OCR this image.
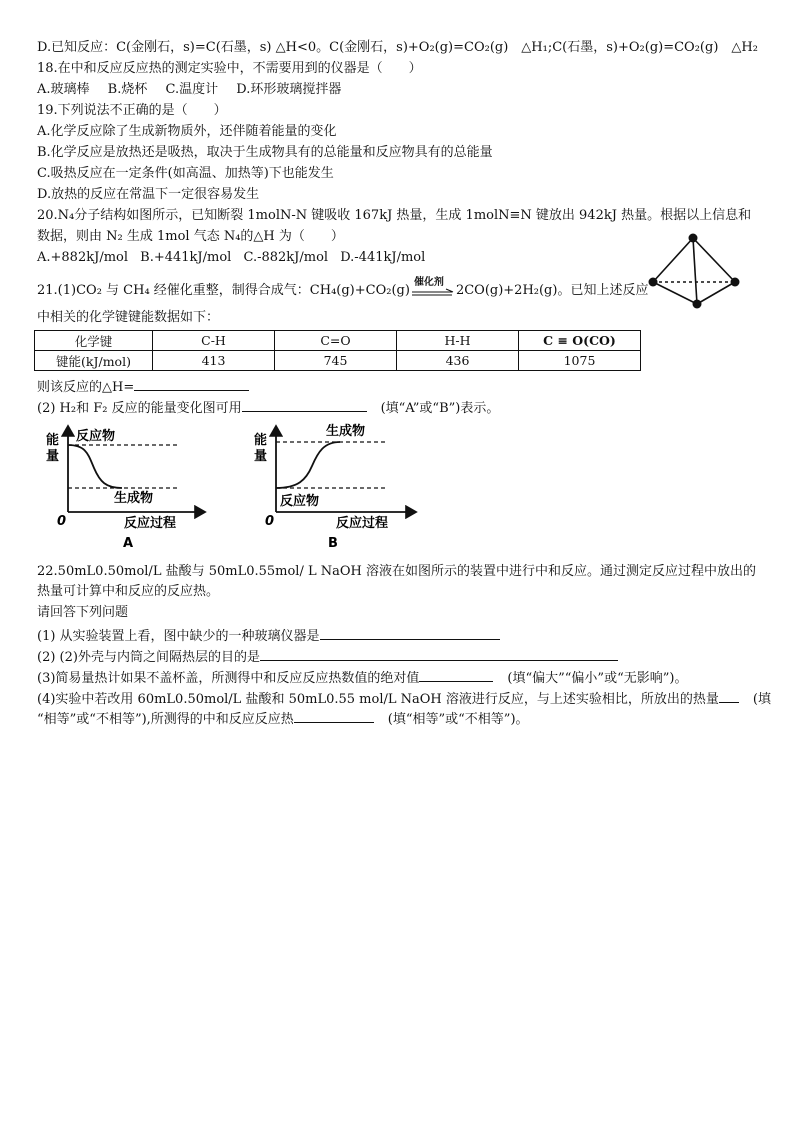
D.已知反应：C(金刚石，s)=C(石墨，s) △H<0。C(金刚石，s)+O₂(g)=CO₂(g)　△H₁;C(石墨，s)+O₂(g)=CO₂(g)　△H₂
18.在中和反应反应热的测定实验中，不需要用到的仪器是（　　）
A.玻璃棒 B.烧杯 C.温度计 D.环形玻璃搅拌器
19.下列说法不正确的是（　　）
A.化学反应除了生成新物质外，还伴随着能量的变化
B.化学反应是放热还是吸热，取决于生成物具有的总能量和反应物具有的总能量
C.吸热反应在一定条件(如高温、加热等)下也能发生
D.放热的反应在常温下一定很容易发生
20.N₄分子结构如图所示，已知断裂 1molN-N 键吸收 167kJ 热量，生成 1molN≡N 键放出 942kJ 热量。根据以上信息和
数据，则由 N₂ 生成 1mol 气态 N₄的△H 为（　　）
A.+882kJ/mol B.+441kJ/mol C.-882kJ/mol D.-441kJ/mol
21.(1)CO₂ 与 CH₄ 经催化重整，制得合成气：CH₄(g)+CO₂(g)
催化剂
2CO(g)+2H₂(g)。已知上述反应
中相关的化学键键能数据如下：
化学键	C-H	C=O	H-H	C ≡ O(CO)
键能(kJ/mol)	413	745	436	1075
则该反应的△H=
(2) H₂和 F₂ 反应的能量变化图可用	(填“A”或“B”)表示。
能
量
反应物
生成物
0	反应过程
A
能
量
生成物
反应物
0	反应过程
B
22.50mL0.50mol/L 盐酸与 50mL0.55mol/ L NaOH 溶液在如图所示的装置中进行中和反应。通过测定反应过程中放出的
热量可计算中和反应的反应热。
请回答下列问题
(1) 从实验装置上看，图中缺少的一种玻璃仪器是
(2) (2)外壳与内筒之间隔热层的目的是
(3)简易量热计如果不盖杯盖，所测得中和反应反应热数值的绝对值	(填“偏大”“偏小”或“无影响”)。
(4)实验中若改用 60mL0.50mol/L 盐酸和 50mL0.55 mol/L NaOH 溶液进行反应，与上述实验相比，所放出的热量	(填
“相等”或“不相等”),所测得的中和反应反应热	(填“相等”或“不相等”)。
